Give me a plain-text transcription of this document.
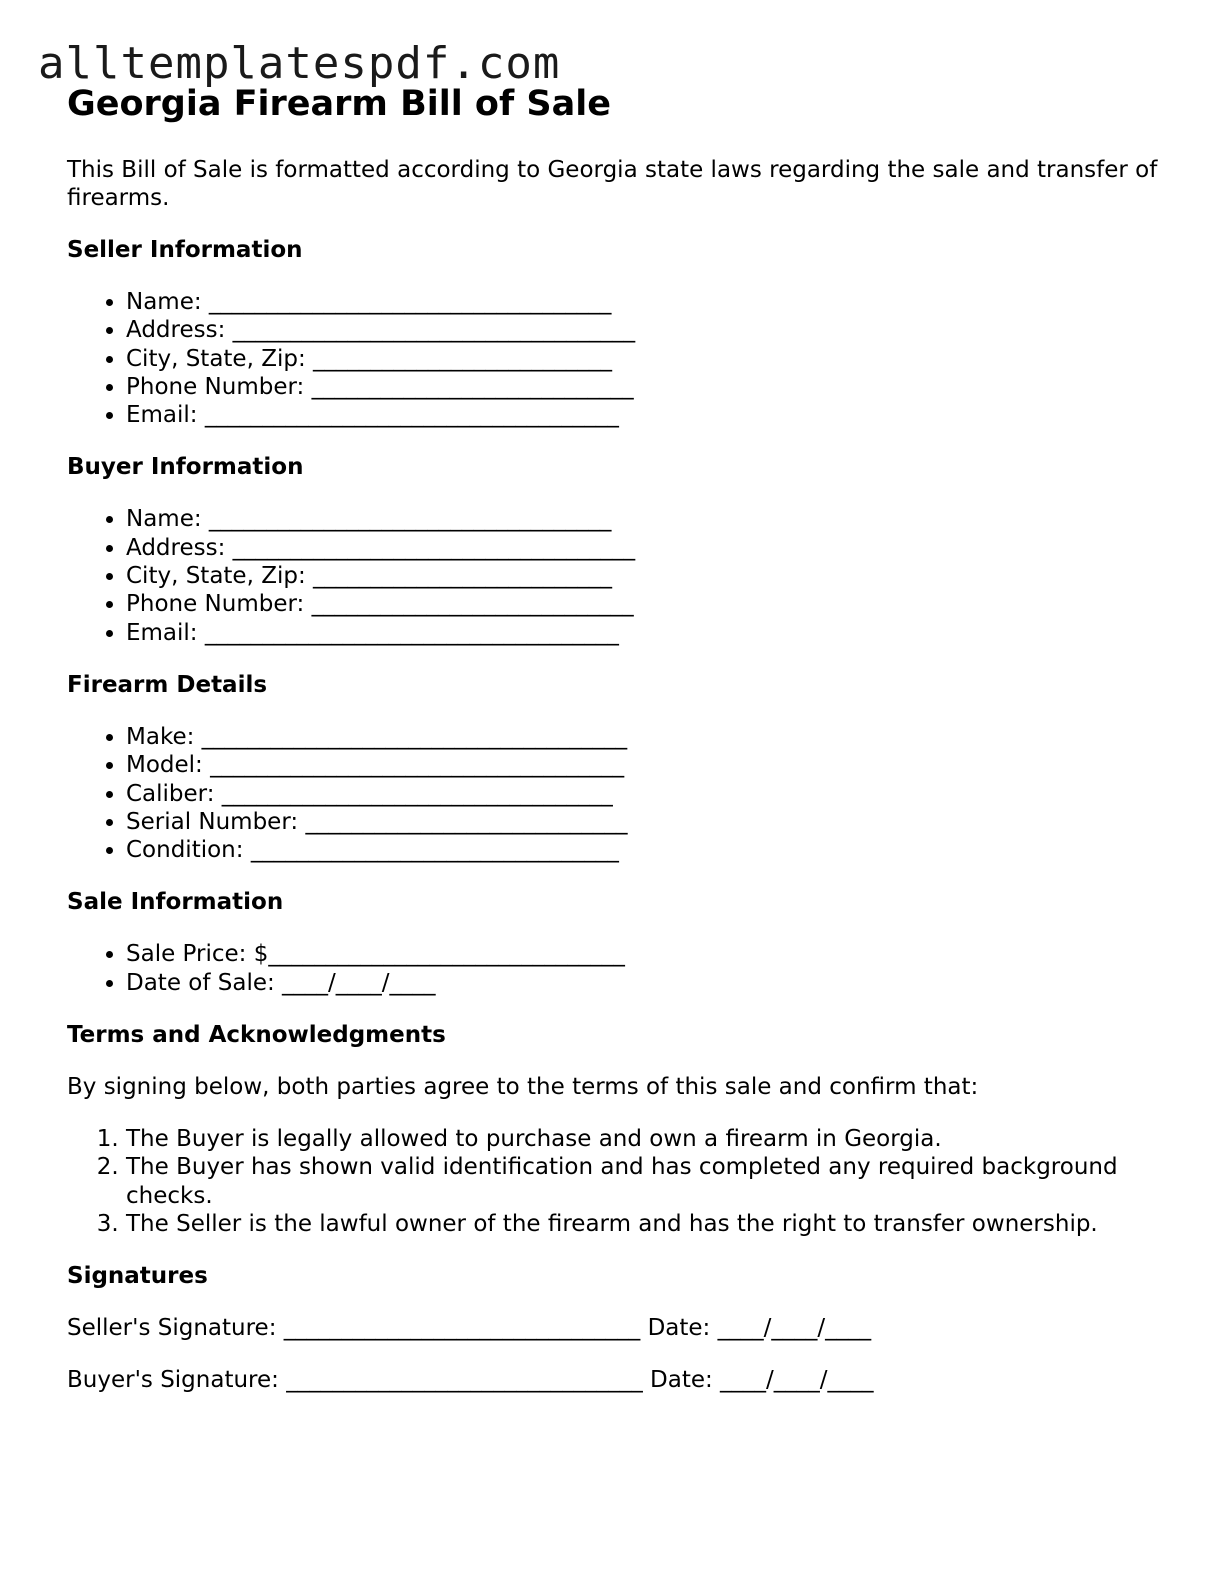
alltemplatespdf.com
Georgia Firearm Bill of Sale

This Bill of Sale is formatted according to Georgia state laws regarding the sale and transfer of firearms.

Seller Information
• Name: ___________________________________
• Address: ___________________________________
• City, State, Zip: __________________________
• Phone Number: ____________________________
• Email: ____________________________________
Buyer Information
• Name: ___________________________________
• Address: ___________________________________
• City, State, Zip: __________________________
• Phone Number: ____________________________
• Email: ____________________________________
Firearm Details
• Make: _____________________________________
• Model: ____________________________________
• Caliber: __________________________________
• Serial Number: ____________________________
• Condition: ________________________________
Sale Information
• Sale Price: $_______________________________
• Date of Sale: ____/____/____
Terms and Acknowledgments

By signing below, both parties agree to the terms of this sale and confirm that:

1. The Buyer is legally allowed to purchase and own a firearm in Georgia.
2. The Buyer has shown valid identification and has completed any required background checks.
3. The Seller is the lawful owner of the firearm and has the right to transfer ownership.
Signatures

Seller's Signature: _______________________________ Date: ____/____/____

Buyer's Signature: _______________________________ Date: ____/____/____
